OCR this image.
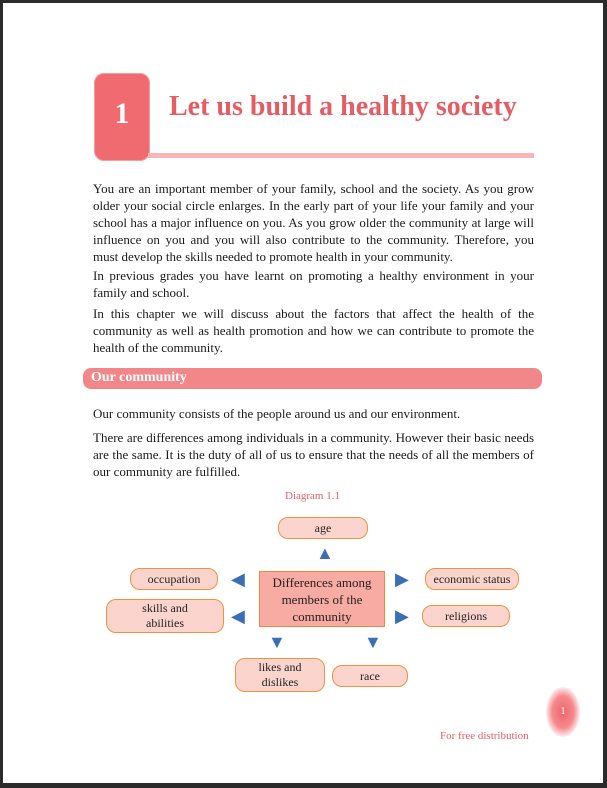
1	Let us build a healthy society

You are an important member of your family, school and the society. As you grow older your social circle enlarges. In the early part of your life your family and your school has a major influence on you. As you grow older the community at large will influence on you and you will also contribute to the community. Therefore, you must develop the skills needed to promote health in your community.

In previous grades you have learnt on promoting a healthy environment in your family and school.

In this chapter we will discuss about the factors that affect the health of the community as well as health promotion and how we can contribute to promote the health of the community.

Our community

Our community consists of the people around us and our environment.

There are differences among individuals in a community. However their basic needs are the same. It is the duty of all of us to ensure that the needs of all the members of our community are fulfilled.

Diagram 1.1
age
occupation
skills and abilities
economic status
religions
likes and dislikes	race
Differences among members of the community
▲
◀
◀
▶
▶
▼	▼
For free distribution
1
